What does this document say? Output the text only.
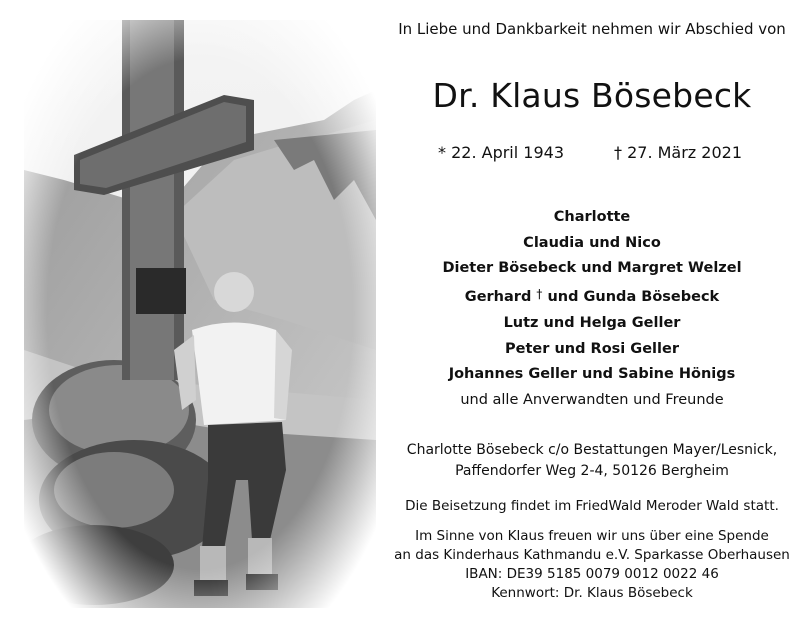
In Liebe und Dankbarkeit nehmen wir Abschied von
Dr. Klaus Bösebeck
* 22. April 1943	† 27. März 2021
Charlotte
Claudia und Nico
Dieter Bösebeck und Margret Welzel
Gerhard † und Gunda Bösebeck
Lutz und Helga Geller
Peter und Rosi Geller
Johannes Geller und Sabine Hönigs
und alle Anverwandten und Freunde
Charlotte Bösebeck c/o Bestattungen Mayer/Lesnick,
Paffendorfer Weg 2-4, 50126 Bergheim
Die Beisetzung findet im FriedWald Meroder Wald statt.
Im Sinne von Klaus freuen wir uns über eine Spende
an das Kinderhaus Kathmandu e.V. Sparkasse Oberhausen
IBAN: DE39 5185 0079 0012 0022 46
Kennwort: Dr. Klaus Bösebeck
